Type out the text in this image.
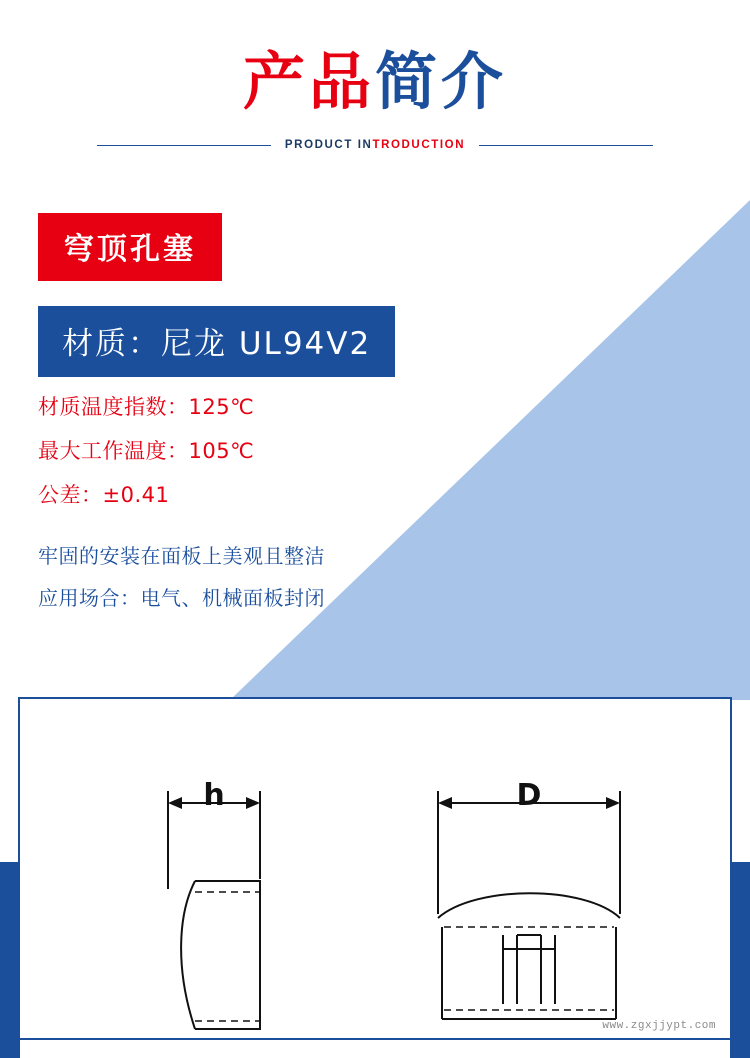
产品简介
PRODUCT INTRODUCTION
穹顶孔塞
材质：尼龙 UL94V2
材质温度指数：125℃
最大工作温度：105℃
公差：±0.41
牢固的安装在面板上美观且整洁
应用场合：电气、机械面板封闭
h	D
www.zgxjjypt.com
